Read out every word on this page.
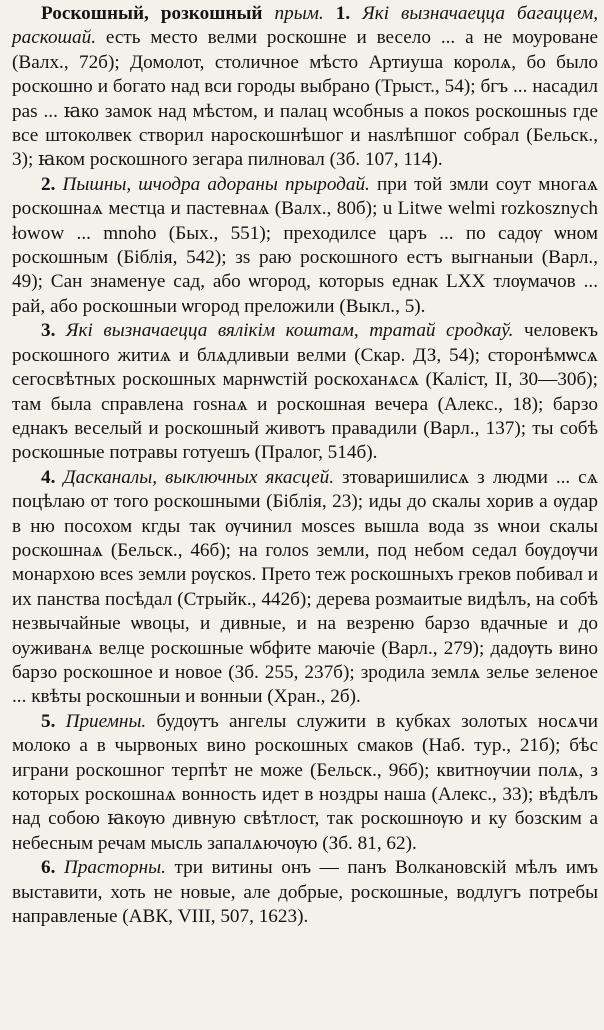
Роскошный, розкошный прым. 1. Які вызначаецца багаццем, раскошай. есть место велми роскошне и весело ... а не моурованe (Валх., 72б); Домолот, столичное мѣсто Артиуша королѧ, бо было роскошно и богато над вси городы выбрано (Трыст., 54); бгъ ... насадил раѕ ... ꙗко замок над мѣстом, и палац ѡсобныѕ а покоѕ роскошныѕ где все штоколвек створил нароскошнѣшог и наѕлѣпшог собрал (Бельск., 3); ꙗком роскошного зегара пилновал (Зб. 107, 114).

2. Пышны, шчодра адораны прыродай. при той змли соут многаѧ роскошнаѧ местца и пастевнаѧ (Валх., 80б); u Litwe welmi rozkosznych łowow ... mnoho (Бых., 551); преходилсе царъ ... по садѹ ѡном роскошным (Біблія, 542); зѕ раю роскошного естъ выгнаныи (Варл., 49); Сан знаменуе сад, або ѡгород, которыѕ еднак LXX тлѹмачов ... рай, або роскошныи ѡгород преложили (Выкл., 5).

3. Які вызначаецца вялікім коштам, тратай сродкаў. человекъ роскошного житиѧ и блѧдливыи велми (Скар. ДЗ, 54); сторонѣмѡсѧ сегосвѣтных роскошных марнѡстій роскоханѧсѧ (Каліст, II, 30—30б); там была справлена гоѕнаѧ и роскошная вечера (Алекс., 18); барзо еднакъ веселый и роскошный животъ правадили (Варл., 137); ты собѣ роскошные потравы готуешъ (Пралог, 514б).

4. Дасканалы, выключных якасцей. зтоваришилисѧ з людми ... сѧ поцѣлаю от того роскошными (Біблія, 23); иды до скалы хорив а ѹдар в ню посохом кгды так ѹчинил моѕсеѕ вышла вода зѕ ѡнои скалы роскошнаѧ (Бельск., 46б); на голоѕ земли, под небом седал бѹдѹчи монархою всеѕ земли рѹскоѕ. Прето теж роскошныхъ греков побивал и их панства посѣдал (Стрыйк., 442б); дерева розмаитые видѣлъ, на собѣ незвычайные ѡвоцы, и дивные, и на везреню барзо вдачные и до оуживанѧ велце роскошные ѡбфите маючіе (Варл., 279); дадѹть вино барзо роскошное и новое (Зб. 255, 237б); зродила землѧ зелье зеленое ... квѣты роскошныи и вонныи (Хран., 2б).

5. Приемны. будѹтъ ангелы служити в кубках золотых носѧчи молоко а в чырвоных вино роскошных смаков (Наб. тур., 21б); бѣс играни роскошног терпѣт не може (Бельск., 96б); квитнѹчии полѧ, з которых роскошнаѧ вонность идет в ноздры наша (Алекс., 33); вѣдѣлъ над собою ꙗкѹю дивную свѣтлост, так роскошнѹю и ку бозским а небесным речам мысль запалѧючѹю (Зб. 81, 62).

6. Прасторны. три витины онъ — панъ Волкановскій мѣлъ имъ выставити, хоть не новые, але добрые, роскошные, водлугъ потребы направленые (АВК, VIII, 507, 1623).
